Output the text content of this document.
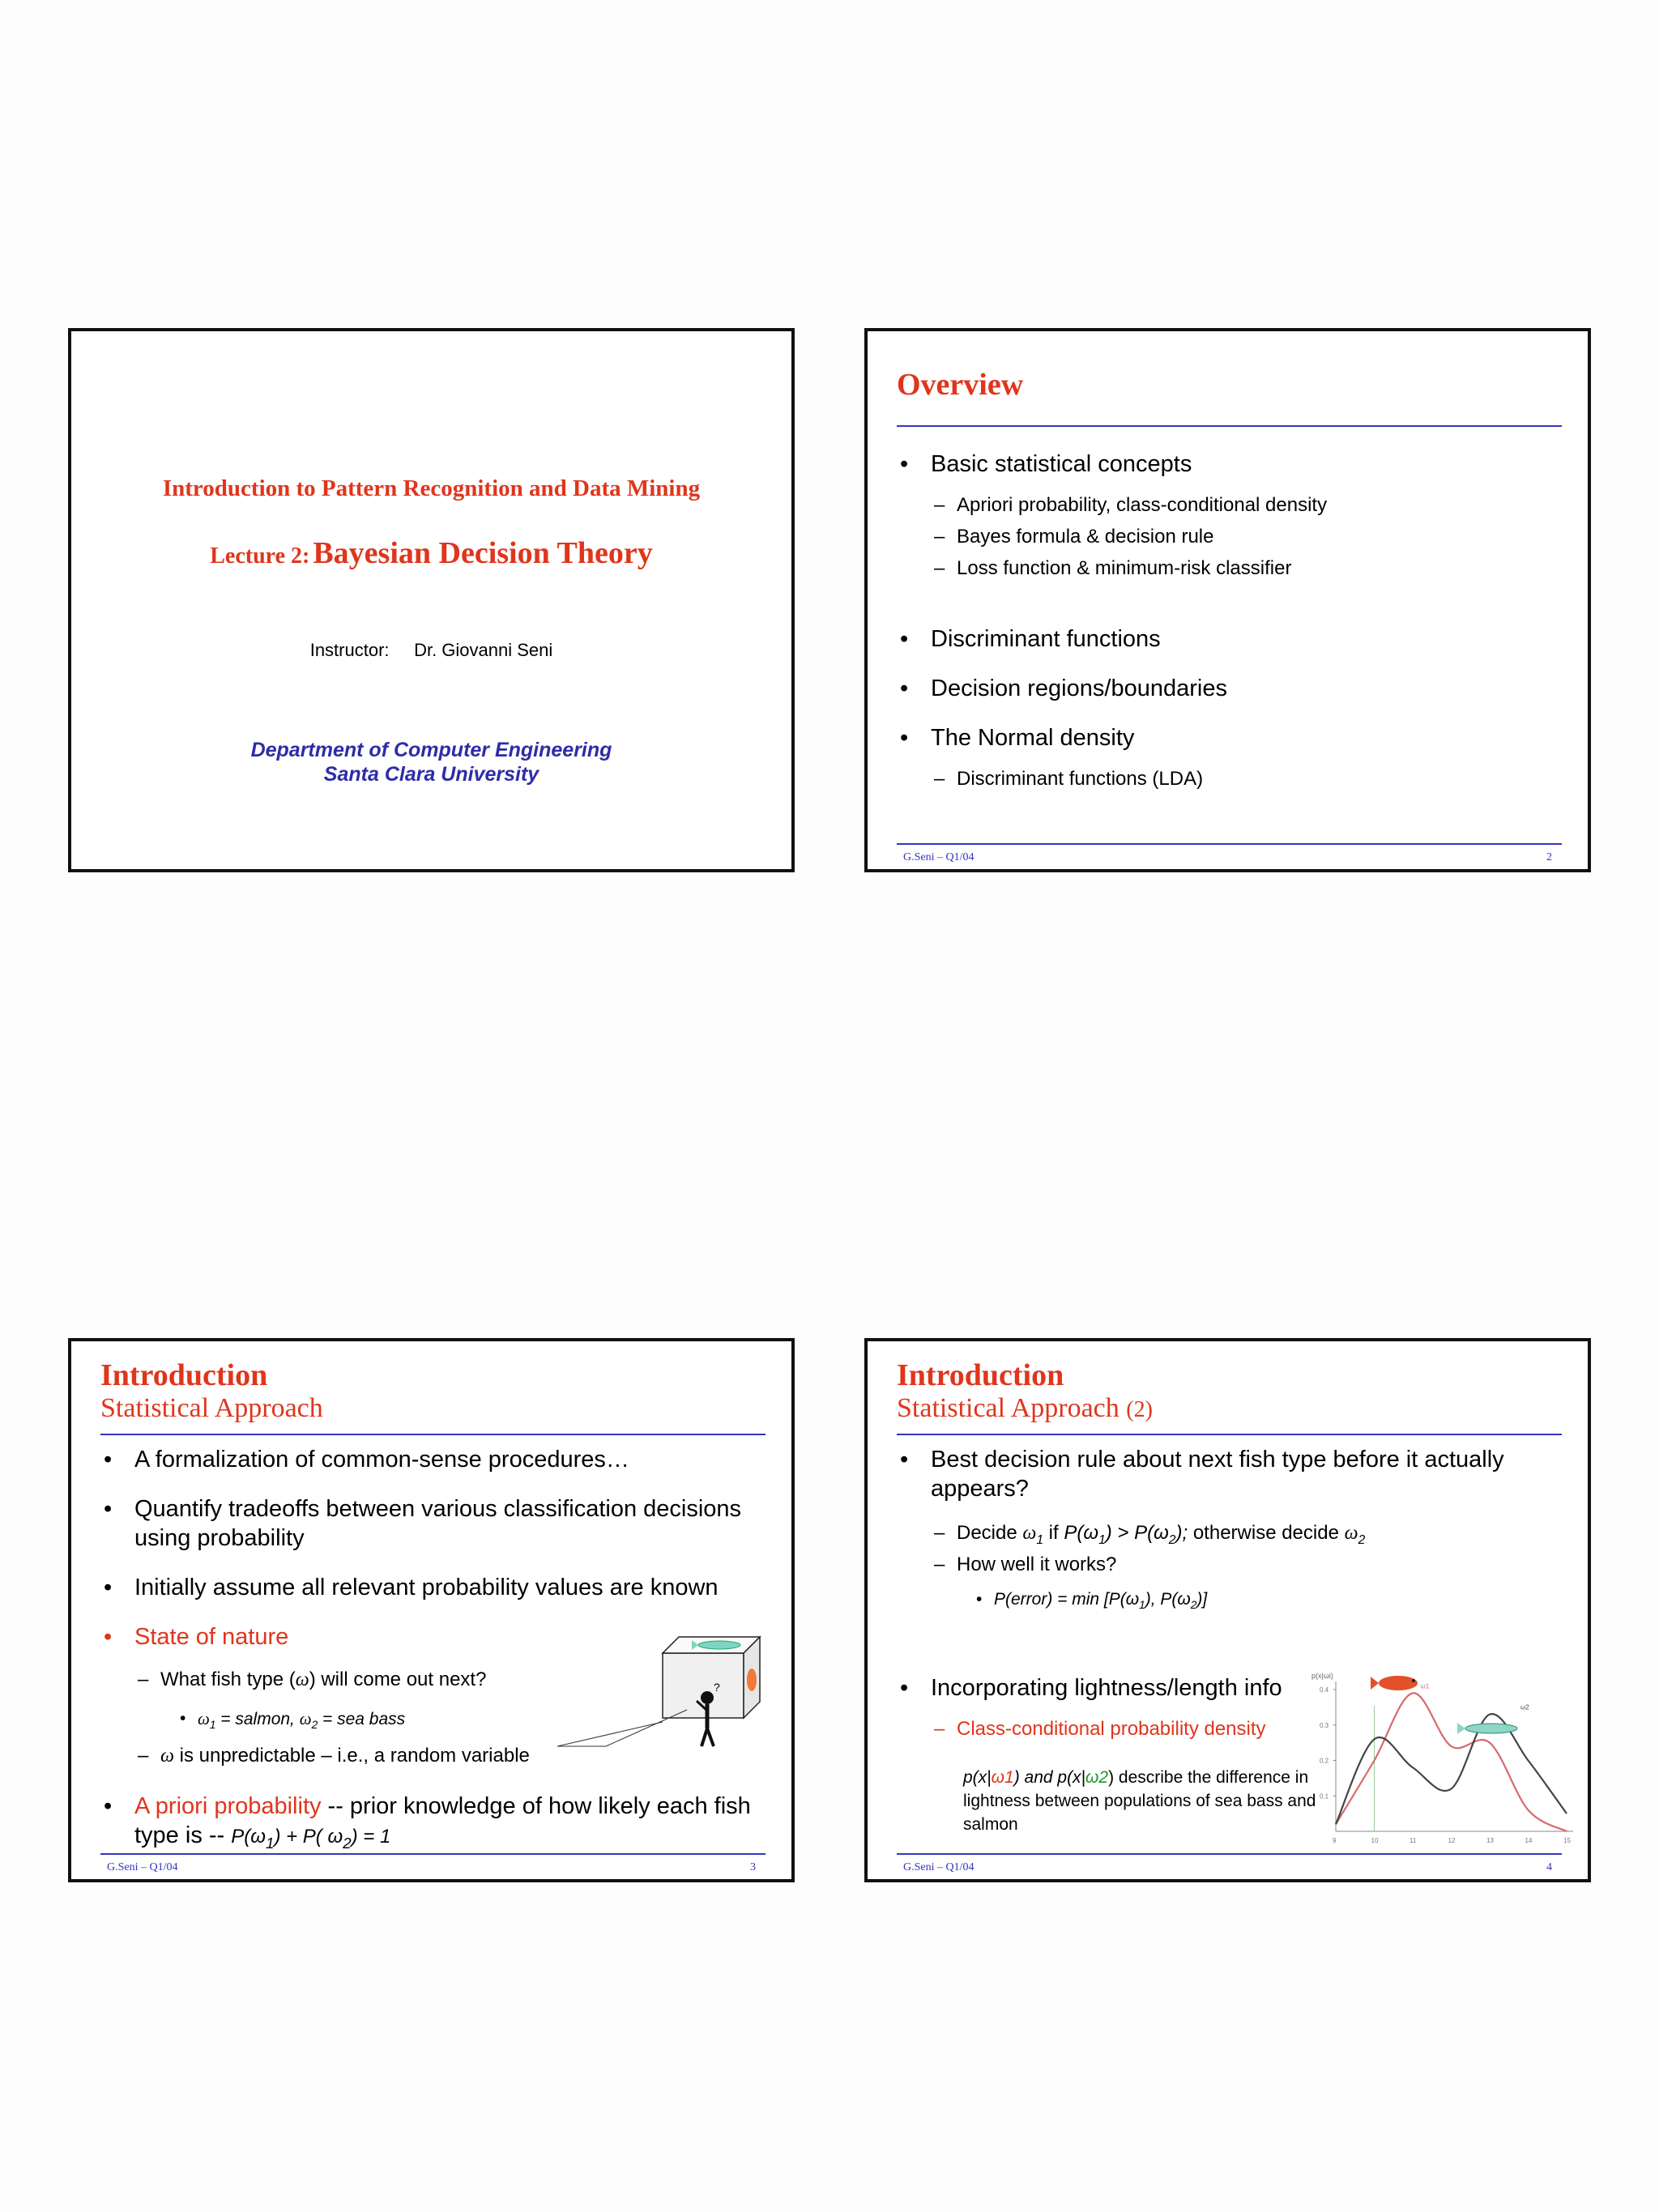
Introduction to Pattern Recognition and Data Mining
Lecture 2: Bayesian Decision Theory
Instructor: Dr. Giovanni Seni
Department of Computer Engineering
Santa Clara University
Overview
• Basic statistical concepts
– Apriori probability, class-conditional density
– Bayes formula & decision rule
– Loss function & minimum-risk classifier
• Discriminant functions
• Decision regions/boundaries
• The Normal density
– Discriminant functions (LDA)
G.Seni – Q1/04	2
Introduction
Statistical Approach
• A formalization of common-sense procedures…
• Quantify tradeoffs between various classification decisions using probability
• Initially assume all relevant probability values are known
• State of nature
– What fish type (ω) will come out next?
• $\omega_1$ = salmon, $\omega_2$ = sea bass
– ω is unpredictable – i.e., a random variable
• A priori probability -- prior knowledge of how likely each fish type is -- $P(\omega_1) + P$( $\omega_2) = 1$
?
G.Seni – Q1/04	3
Introduction
Statistical Approach (2)
• Best decision rule about next fish type before it actually appears?
– Decide $\omega_1$ if $P(\omega_1) > P(\omega_2)$; otherwise decide $\omega_2$
– How well it works?
• P(error) = $\min [P(\omega_1)$, $P(\omega_2)$]
• Incorporating lightness/length info
– Class-conditional probability density
p(x|ω1) and p(x|ω2) describe the difference in lightness between populations of sea bass and salmon
p(x|ωi)
0.1
0.2
0.3
0.4
9	10	11	12	13	14	15
ω1
ω2
G.Seni – Q1/04	4
